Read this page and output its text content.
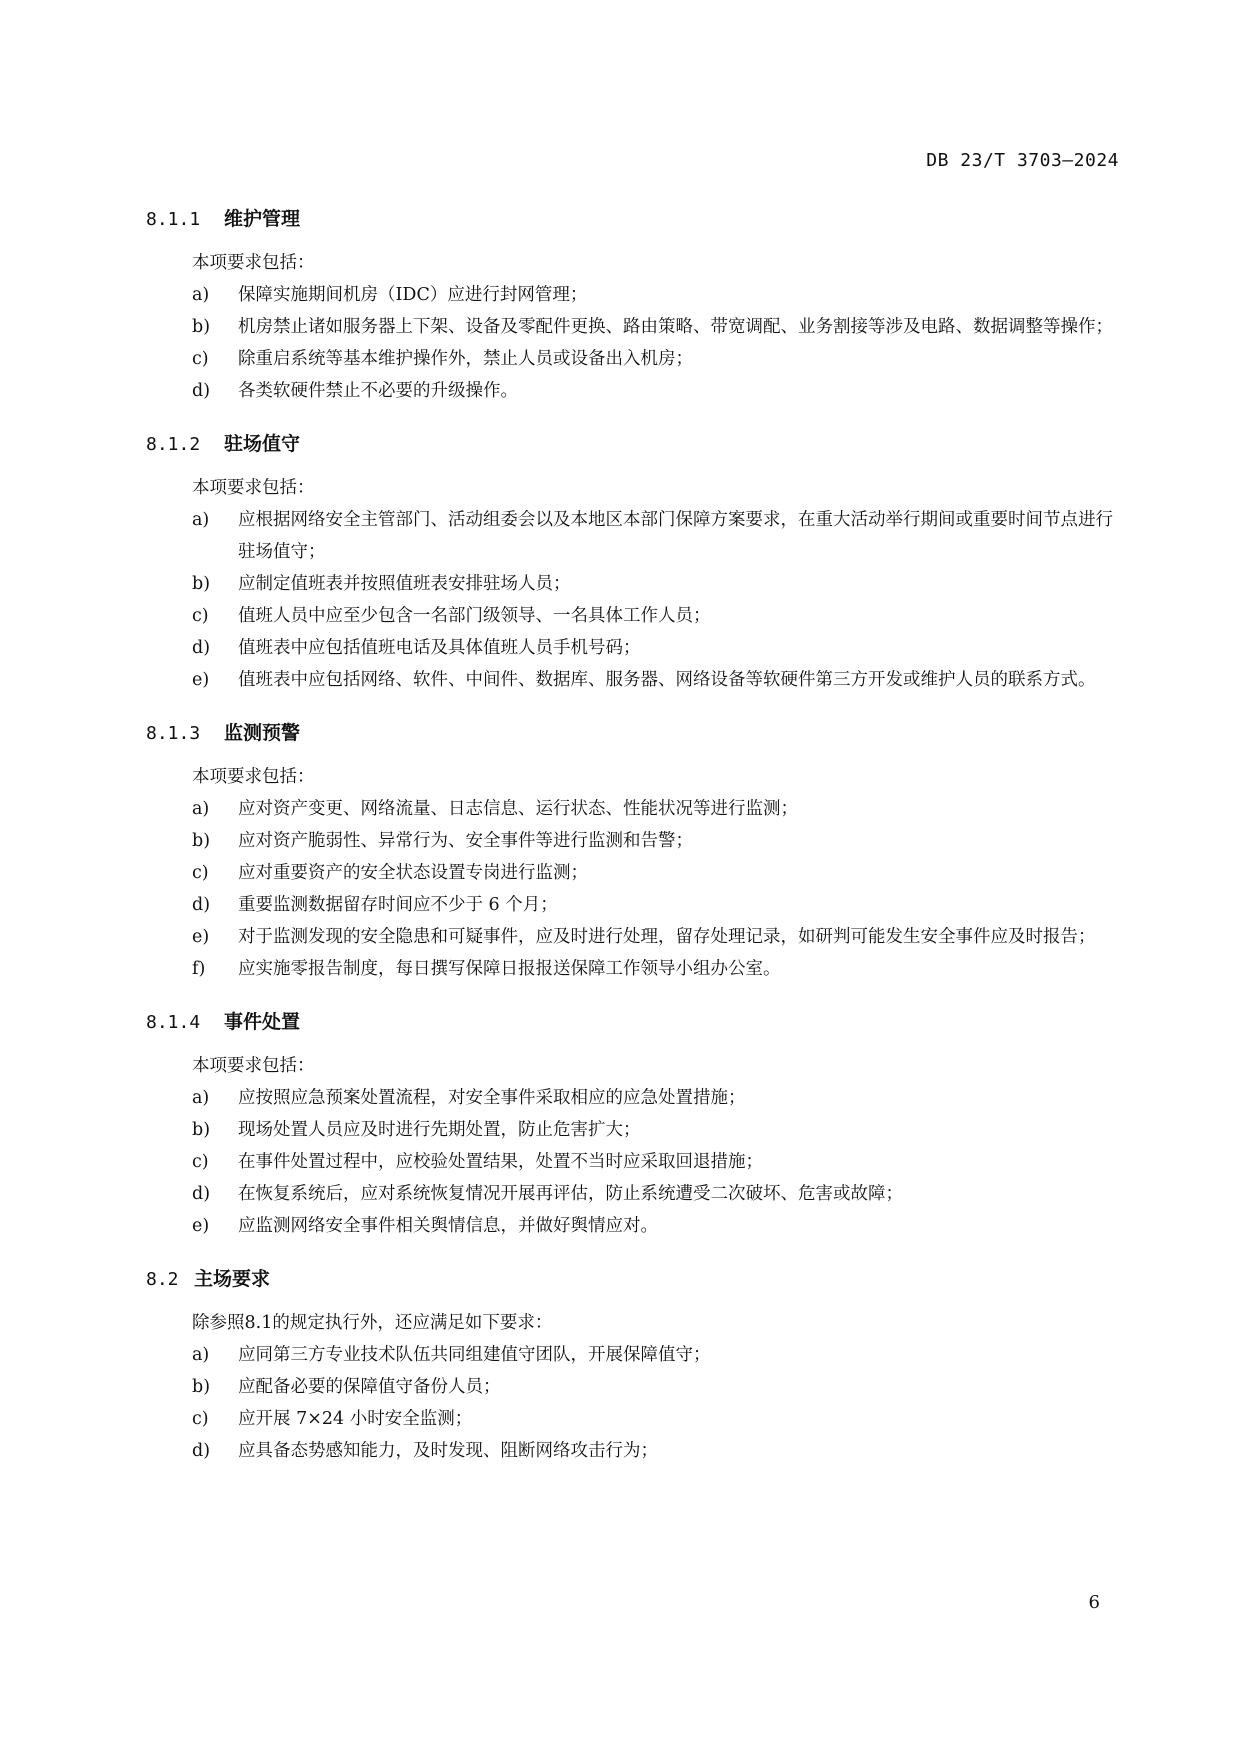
DB 23/T 3703—2024
8.1.1	维护管理
本项要求包括：
a)	保障实施期间机房（IDC）应进行封网管理；
b)	机房禁止诸如服务器上下架、设备及零配件更换、路由策略、带宽调配、业务割接等涉及电路、数据调整等操作；
c)	除重启系统等基本维护操作外，禁止人员或设备出入机房；
d)	各类软硬件禁止不必要的升级操作。
8.1.2	驻场值守
本项要求包括：
a)	应根据网络安全主管部门、活动组委会以及本地区本部门保障方案要求，在重大活动举行期间或重要时间节点进行驻场值守；
b)	应制定值班表并按照值班表安排驻场人员；
c)	值班人员中应至少包含一名部门级领导、一名具体工作人员；
d)	值班表中应包括值班电话及具体值班人员手机号码；
e)	值班表中应包括网络、软件、中间件、数据库、服务器、网络设备等软硬件第三方开发或维护人员的联系方式。
8.1.3	监测预警
本项要求包括：
a)	应对资产变更、网络流量、日志信息、运行状态、性能状况等进行监测；
b)	应对资产脆弱性、异常行为、安全事件等进行监测和告警；
c)	应对重要资产的安全状态设置专岗进行监测；
d)	重要监测数据留存时间应不少于 6 个月；
e)	对于监测发现的安全隐患和可疑事件，应及时进行处理，留存处理记录，如研判可能发生安全事件应及时报告；
f)	应实施零报告制度，每日撰写保障日报报送保障工作领导小组办公室。
8.1.4	事件处置
本项要求包括：
a)	应按照应急预案处置流程，对安全事件采取相应的应急处置措施；
b)	现场处置人员应及时进行先期处置，防止危害扩大；
c)	在事件处置过程中，应校验处置结果，处置不当时应采取回退措施；
d)	在恢复系统后，应对系统恢复情况开展再评估，防止系统遭受二次破坏、危害或故障；
e)	应监测网络安全事件相关舆情信息，并做好舆情应对。
8.2 主场要求
除参照8.1的规定执行外，还应满足如下要求：
a)	应同第三方专业技术队伍共同组建值守团队，开展保障值守；
b)	应配备必要的保障值守备份人员；
c)	应开展 7×24 小时安全监测；
d)	应具备态势感知能力，及时发现、阻断网络攻击行为；
6
